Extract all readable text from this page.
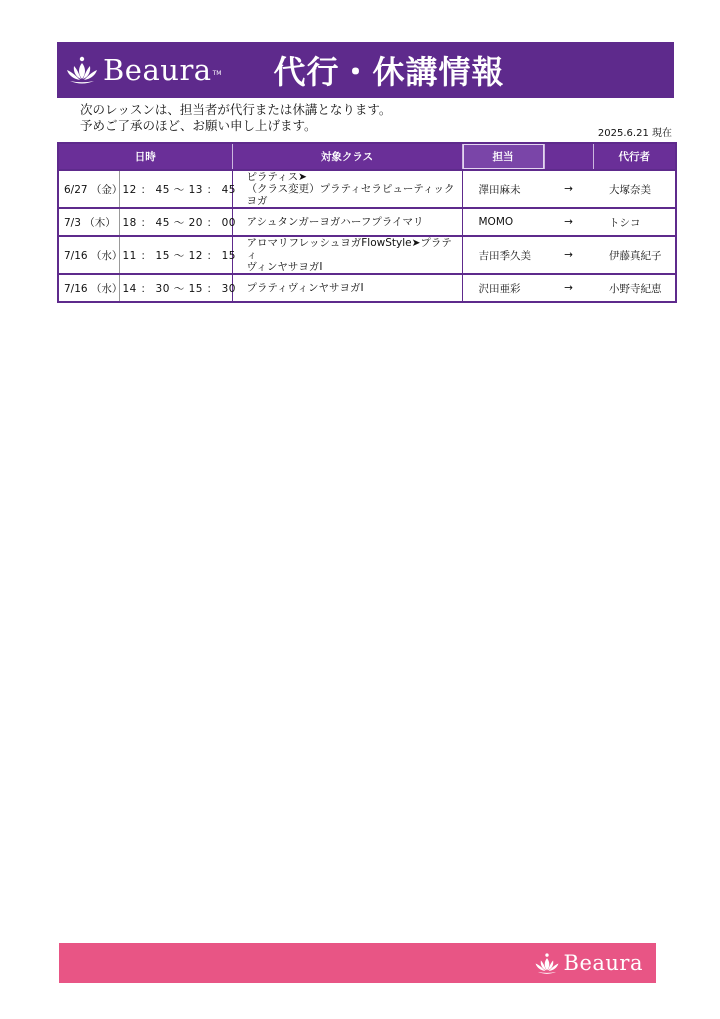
Beaura TM 代行・休講情報
次のレッスンは、担当者が代行または休講となります。
予めご了承のほど、お願い申し上げます。
2025.6.21 現在
日時		対象クラス	担当		代行者
6/27 （金）	12 ： 45 〜 13 ： 45	ピラティス➤
（クラス変更）プラティセラピューティックヨガ	澤田麻未	→	大塚奈美
7/3 （木）	18 ： 45 〜 20 ： 00	アシュタンガーヨガハーフプライマリ	MOMO	→	トシコ
7/16 （水）	11 ： 15 〜 12 ： 15	アロマリフレッシュヨガFlowStyle➤プラティ
ヴィンヤサヨガⅠ	吉田季久美	→	伊藤真紀子
7/16 （水）	14 ： 30 〜 15 ： 30	プラティヴィンヤサヨガⅠ	沢田亜彩	→	小野寺紀恵
Beaura
